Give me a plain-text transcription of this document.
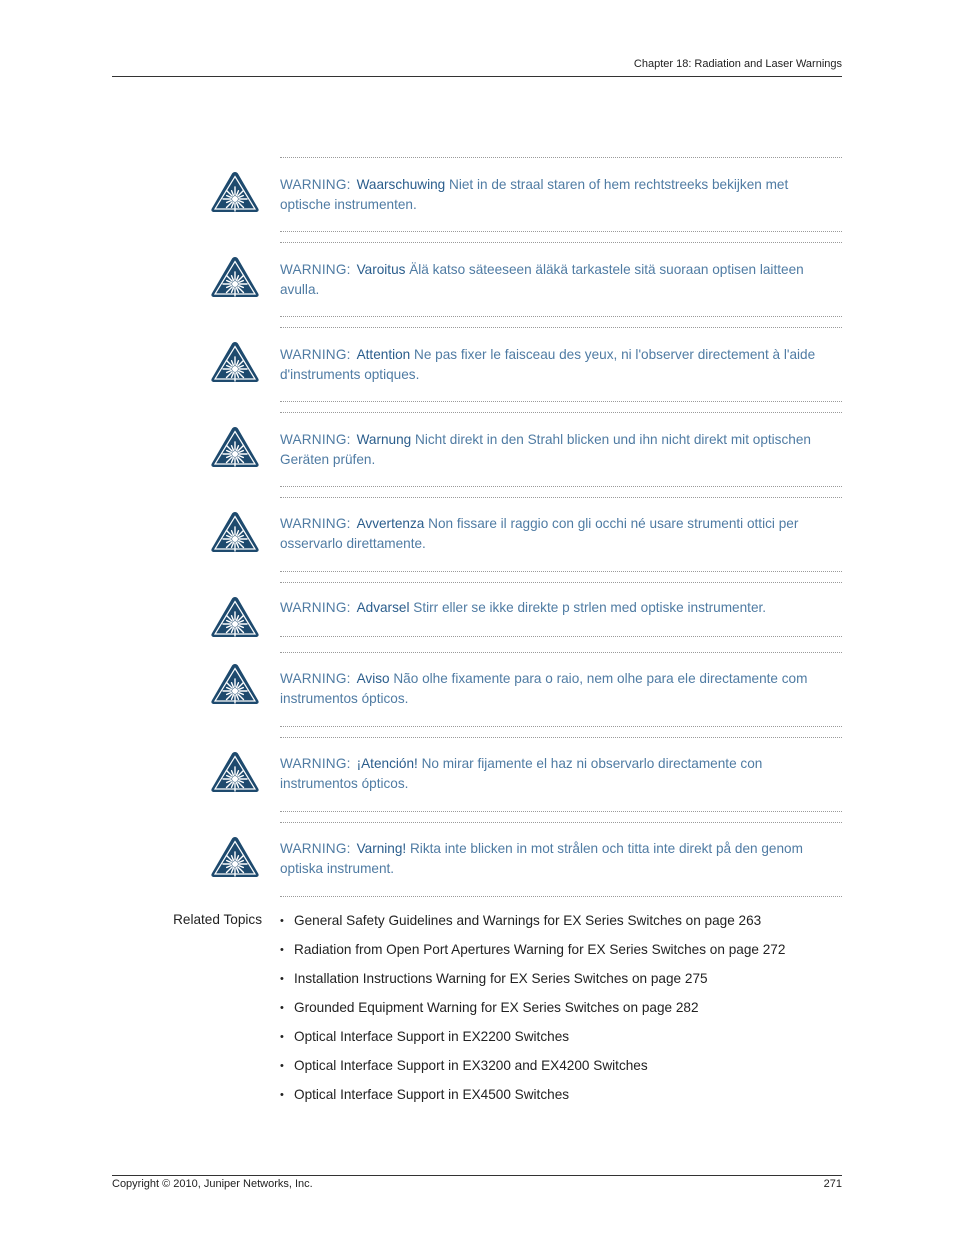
Chapter 18: Radiation and Laser Warnings
WARNING: Waarschuwing Niet in de straal staren of hem rechtstreeks bekijken met optische instrumenten.
WARNING: Varoitus Älä katso säteeseen äläkä tarkastele sitä suoraan optisen laitteen avulla.
WARNING: Attention Ne pas fixer le faisceau des yeux, ni l'observer directement à l'aide d'instruments optiques.
WARNING: Warnung Nicht direkt in den Strahl blicken und ihn nicht direkt mit optischen Geräten prüfen.
WARNING: Avvertenza Non fissare il raggio con gli occhi né usare strumenti ottici per osservarlo direttamente.
WARNING: Advarsel Stirr eller se ikke direkte p strlen med optiske instrumenter.
WARNING: Aviso Não olhe fixamente para o raio, nem olhe para ele directamente com instrumentos ópticos.
WARNING: ¡Atención! No mirar fijamente el haz ni observarlo directamente con instrumentos ópticos.
WARNING: Varning! Rikta inte blicken in mot strålen och titta inte direkt på den genom optiska instrument.
Related Topics
•	General Safety Guidelines and Warnings for EX Series Switches on page 263
• Radiation from Open Port Apertures Warning for EX Series Switches on page 272
• Installation Instructions Warning for EX Series Switches on page 275
• Grounded Equipment Warning for EX Series Switches on page 282
• Optical Interface Support in EX2200 Switches
• Optical Interface Support in EX3200 and EX4200 Switches
• Optical Interface Support in EX4500 Switches
Copyright © 2010, Juniper Networks, Inc.	271
